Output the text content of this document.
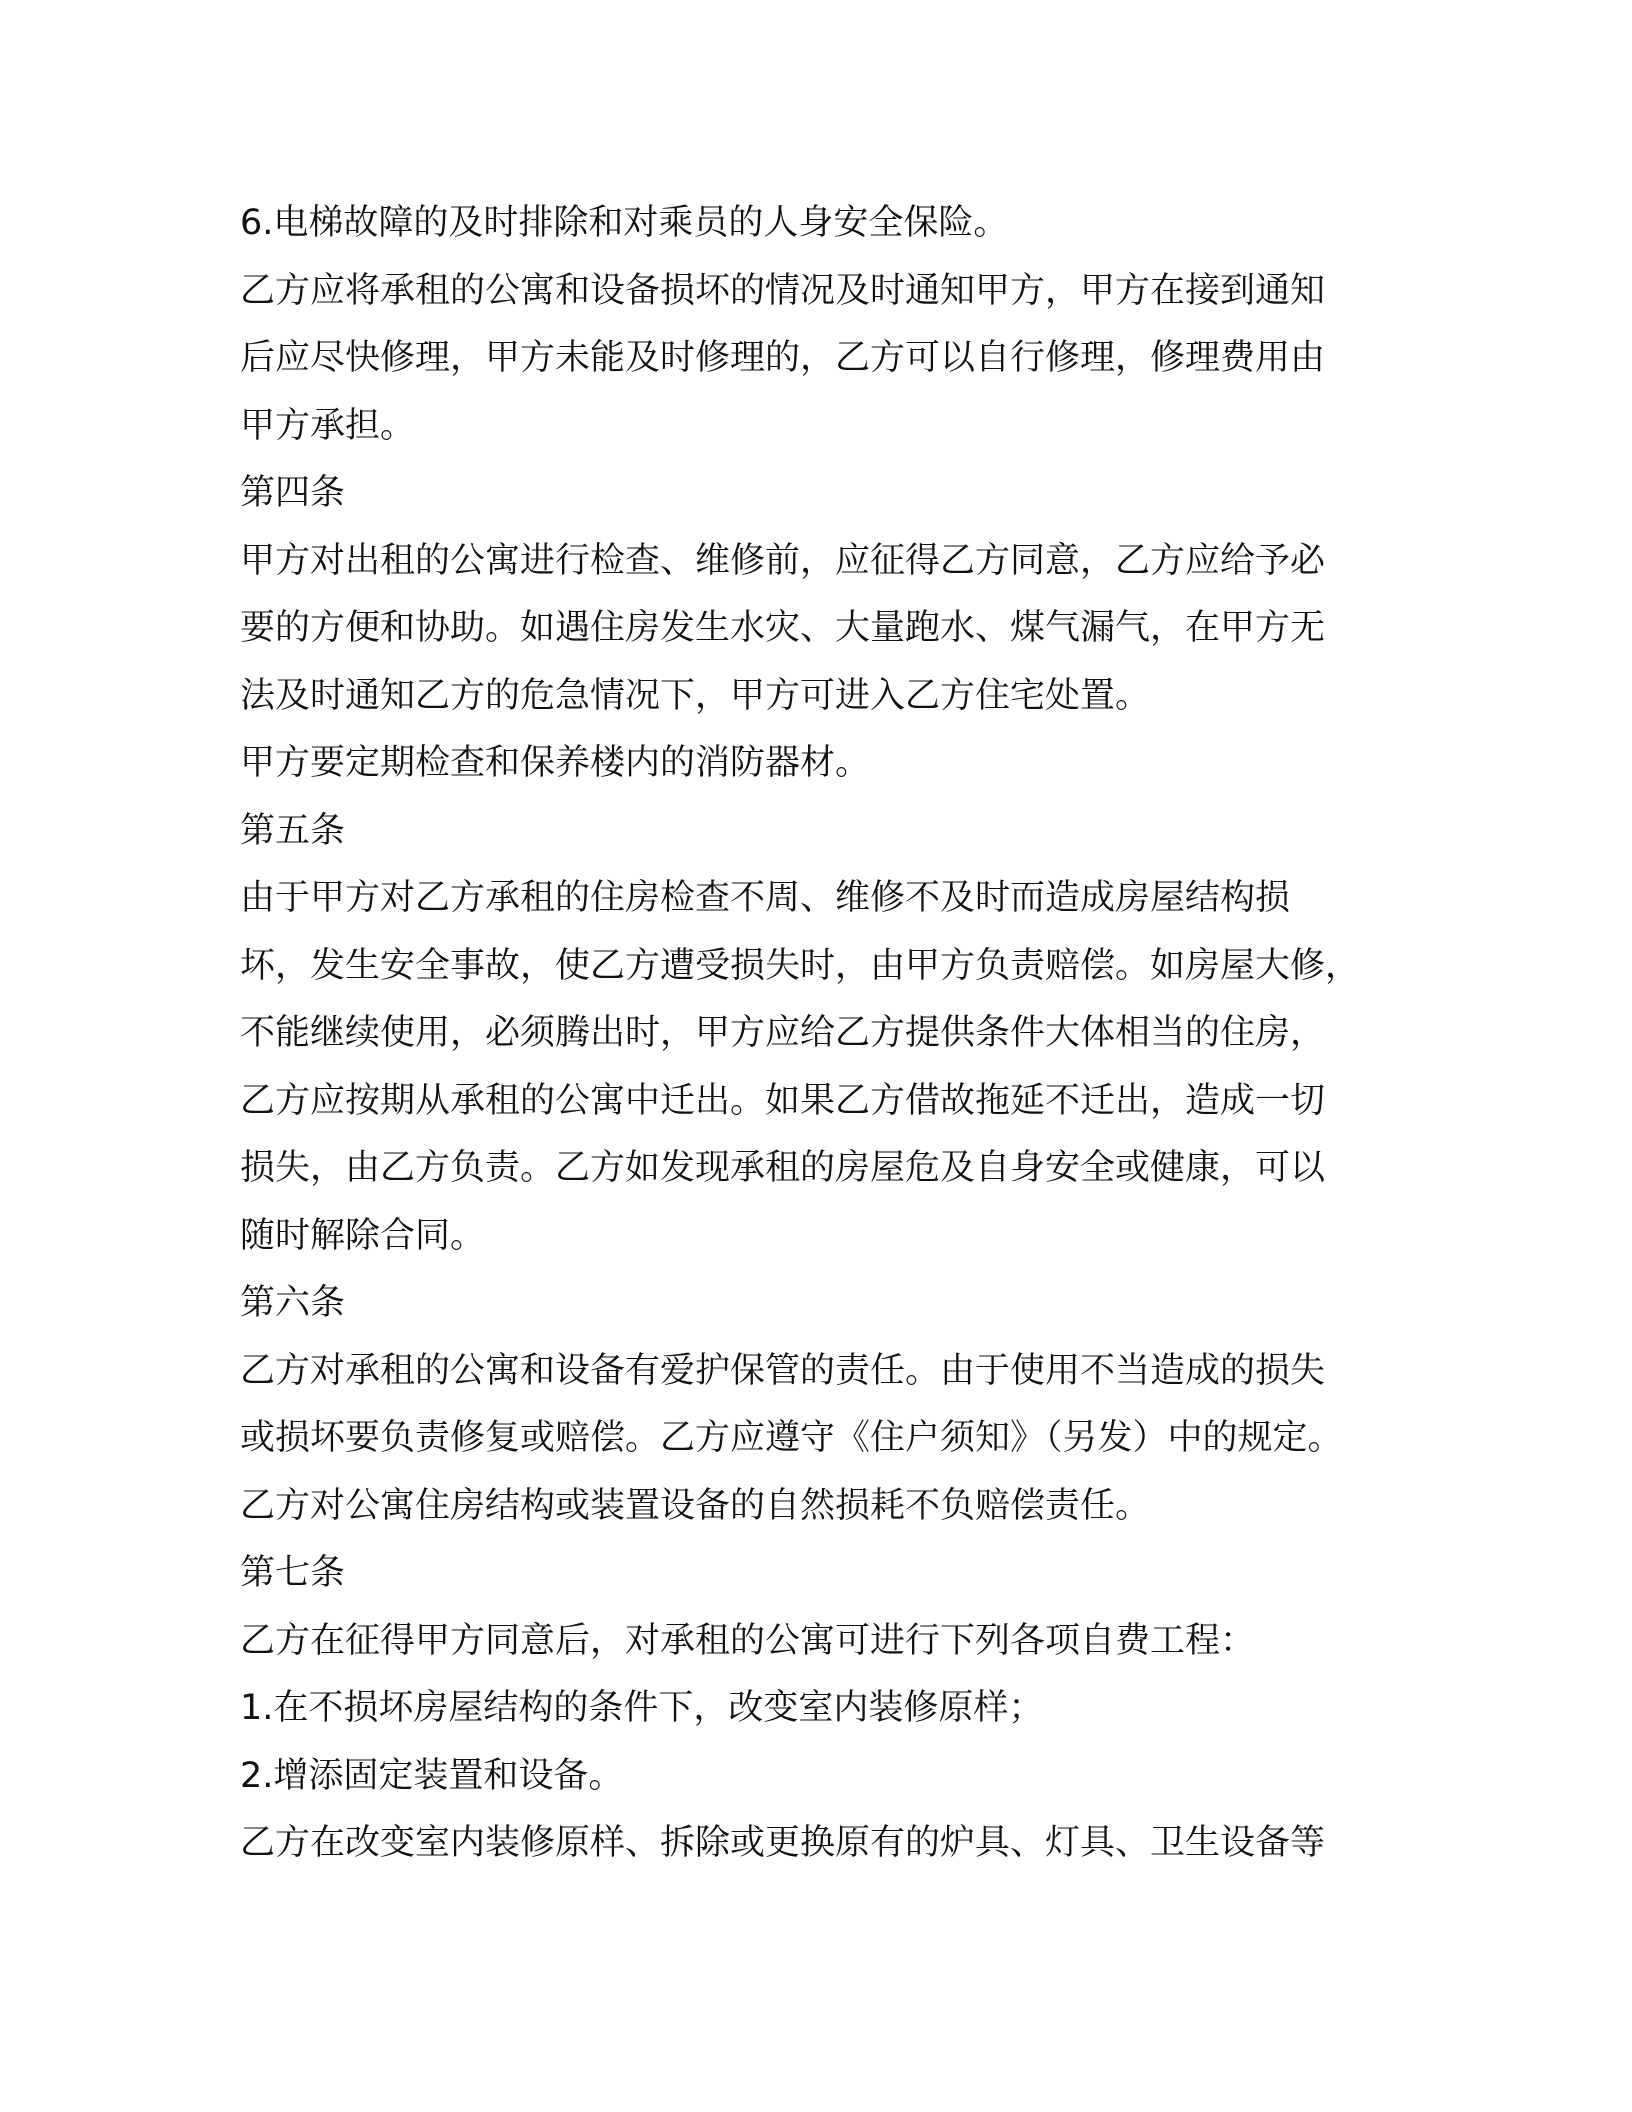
6.电梯故障的及时排除和对乘员的人身安全保险。
乙方应将承租的公寓和设备损坏的情况及时通知甲方，甲方在接到通知
后应尽快修理，甲方未能及时修理的，乙方可以自行修理，修理费用由
甲方承担。
第四条
甲方对出租的公寓进行检查、维修前，应征得乙方同意，乙方应给予必
要的方便和协助。如遇住房发生水灾、大量跑水、煤气漏气，在甲方无
法及时通知乙方的危急情况下，甲方可进入乙方住宅处置。
甲方要定期检查和保养楼内的消防器材。
第五条
由于甲方对乙方承租的住房检查不周、维修不及时而造成房屋结构损
坏，发生安全事故，使乙方遭受损失时，由甲方负责赔偿。如房屋大修，
不能继续使用，必须腾出时，甲方应给乙方提供条件大体相当的住房，
乙方应按期从承租的公寓中迁出。如果乙方借故拖延不迁出，造成一切
损失，由乙方负责。乙方如发现承租的房屋危及自身安全或健康，可以
随时解除合同。
第六条
乙方对承租的公寓和设备有爱护保管的责任。由于使用不当造成的损失
或损坏要负责修复或赔偿。乙方应遵守《住户须知》（另发）中的规定。
乙方对公寓住房结构或装置设备的自然损耗不负赔偿责任。
第七条
乙方在征得甲方同意后，对承租的公寓可进行下列各项自费工程：
1.在不损坏房屋结构的条件下，改变室内装修原样；
2.增添固定装置和设备。
乙方在改变室内装修原样、拆除或更换原有的炉具、灯具、卫生设备等
